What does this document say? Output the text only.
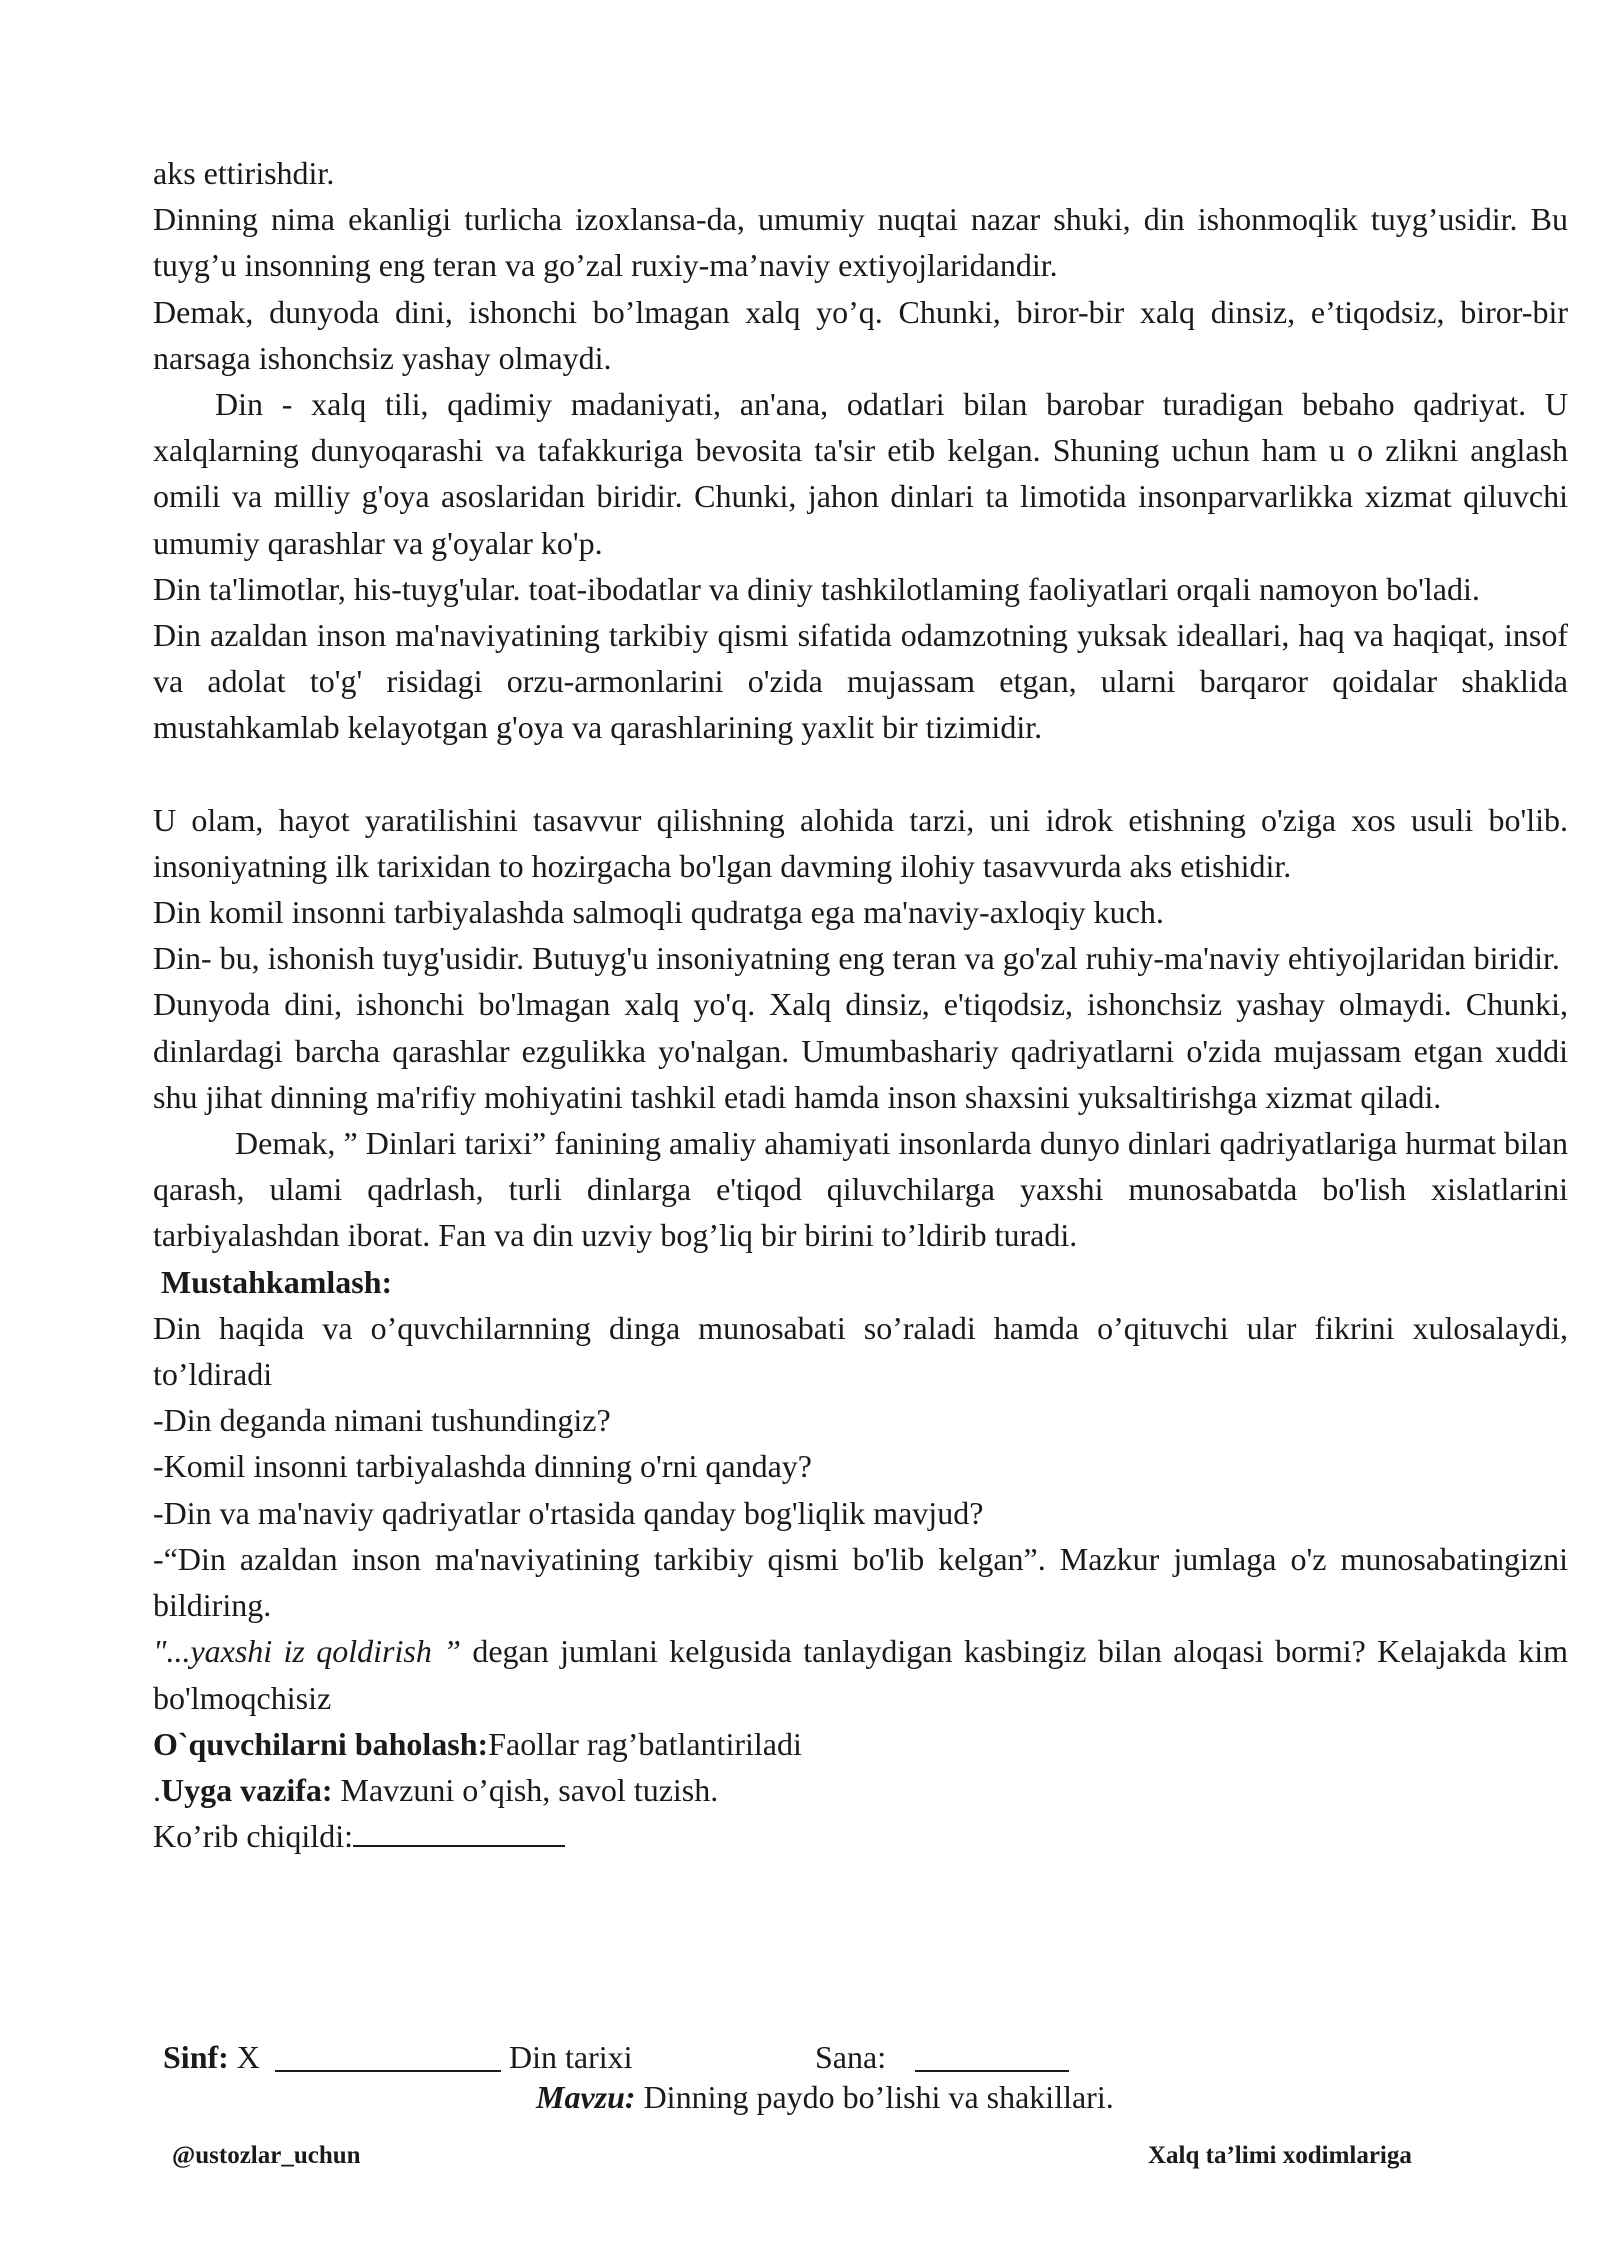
aks ettirishdir.

Dinning nima ekanligi turlicha izoxlansa-da, umumiy nuqtai nazar shuki, din ishonmoqlik tuyg’usidir. Bu tuyg’u insonning eng teran va go’zal ruxiy-ma’naviy extiyojlaridandir.

Demak, dunyoda dini, ishonchi bo’lmagan xalq yo’q. Chunki, biror-bir xalq dinsiz, e’tiqodsiz, biror-bir narsaga ishonchsiz yashay olmaydi.

Din - xalq tili, qadimiy madaniyati, an'ana, odatlari bilan barobar turadigan bebaho qadriyat. U xalqlarning dunyoqarashi va tafakkuriga bevosita ta'sir etib kelgan. Shuning uchun ham u o zlikni anglash omili va milliy g'oya asoslaridan biridir. Chunki, jahon dinlari ta limotida insonparvarlikka xizmat qiluvchi umumiy qarashlar va g'oyalar ko'p.

Din ta'limotlar, his-tuyg'ular. toat-ibodatlar va diniy tashkilotlaming faoliyatlari orqali namoyon bo'ladi.

Din azaldan inson ma'naviyatining tarkibiy qismi sifatida odamzotning yuksak ideallari, haq va haqiqat, insof va adolat to'g' risidagi orzu-armonlarini o'zida mujassam etgan, ularni barqaror qoidalar shaklida mustahkamlab kelayotgan g'oya va qarashlarining yaxlit bir tizimidir.

U olam, hayot yaratilishini tasavvur qilishning alohida tarzi, uni idrok etishning o'ziga xos usuli bo'lib. insoniyatning ilk tarixidan to hozirgacha bo'lgan davming ilohiy tasavvurda aks etishidir.

Din komil insonni tarbiyalashda salmoqli qudratga ega ma'naviy-axloqiy kuch.

Din- bu, ishonish tuyg'usidir. Butuyg'u insoniyatning eng teran va go'zal ruhiy-ma'naviy ehtiyojlaridan biridir.

Dunyoda dini, ishonchi bo'lmagan xalq yo'q. Xalq dinsiz, e'tiqodsiz, ishonchsiz yashay olmaydi. Chunki, dinlardagi barcha qarashlar ezgulikka yo'nalgan. Umumbashariy qadriyatlarni o'zida mujassam etgan xuddi shu jihat dinning ma'rifiy mohiyatini tashkil etadi hamda inson shaxsini yuksaltirishga xizmat qiladi.

Demak, ” Dinlari tarixi” fanining amaliy ahamiyati insonlarda dunyo dinlari qadriyatlariga hurmat bilan qarash, ulami qadrlash, turli dinlarga e'tiqod qiluvchilarga yaxshi munosabatda bo'lish xislatlarini tarbiyalashdan iborat. Fan va din uzviy bog’liq bir birini to’ldirib turadi.

Mustahkamlash:

Din haqida va o’quvchilarnning dinga munosabati so’raladi hamda o’qituvchi ular fikrini xulosalaydi, to’ldiradi

-Din deganda nimani tushundingiz?

-Komil insonni tarbiyalashda dinning o'rni qanday?

-Din va ma'naviy qadriyatlar o'rtasida qanday bog'liqlik mavjud?

-“Din azaldan inson ma'naviyatining tarkibiy qismi bo'lib kelgan”. Mazkur jumlaga o'z munosabatingizni bildiring.

"...yaxshi iz qoldirish ” degan jumlani kelgusida tanlaydigan kasbingiz bilan aloqasi bormi? Kelajakda kim bo'lmoqchisiz

O`quvchilarni baholash:Faollar rag’batlantiriladi

.Uyga vazifa: Mavzuni o’qish, savol tuzish.

Ko’rib chiqildi:

Sinf: X	Din tarixi	Sana:
Mavzu: Dinning paydo bo’lishi va shakillari.
@ustozlar_uchun	Xalq ta’limi xodimlariga
